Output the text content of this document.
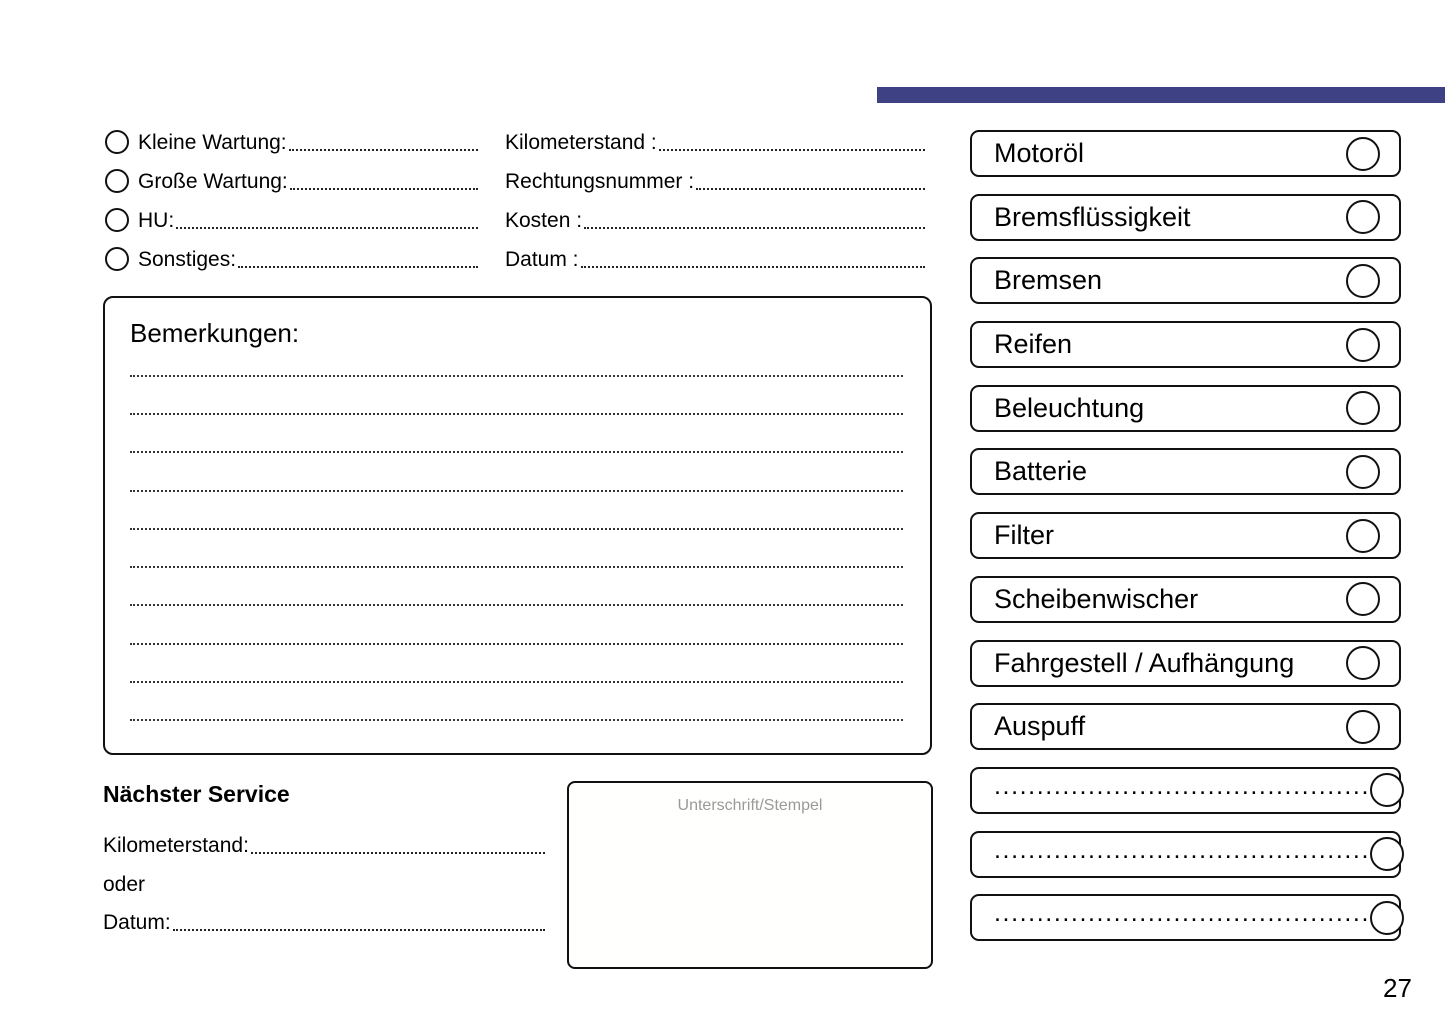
Kleine Wartung:
Große Wartung:
HU:
Sonstiges:
Kilometerstand :
Rechtungsnummer :
Kosten :
Datum :
Bemerkungen:
Motoröl
Bremsflüssigkeit
Bremsen
Reifen
Beleuchtung
Batterie
Filter
Scheibenwischer
Fahrgestell / Aufhängung
Auspuff
............................................
............................................
............................................
Nächster Service
Kilometerstand:
oder
Datum:
Unterschrift/Stempel
27
